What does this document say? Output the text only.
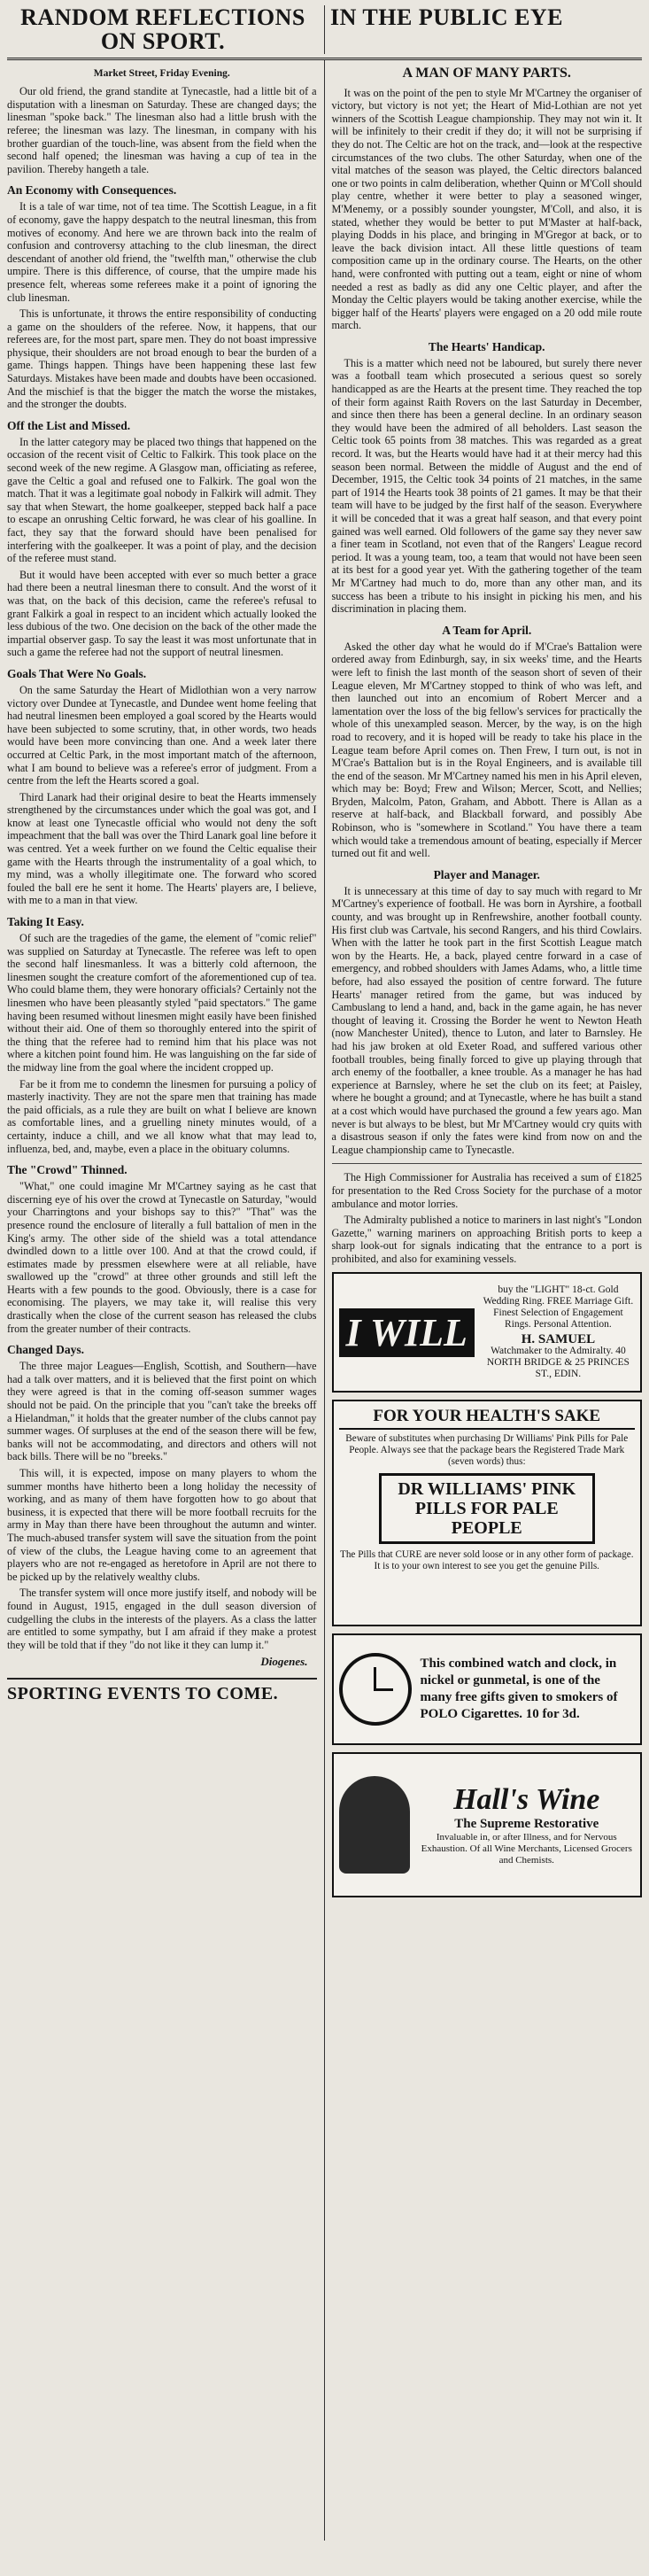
RANDOM REFLECTIONS ON SPORT.
IN THE PUBLIC EYE

Market Street, Friday Evening.

Our old friend, the grand standite at Tynecastle, had a little bit of a disputation with a linesman on Saturday. These are changed days; the linesman "spoke back." The linesman also had a little brush with the referee; the linesman was lazy. The linesman, in company with his brother guardian of the touch-line, was absent from the field when the second half opened; the linesman was having a cup of tea in the pavilion. Thereby hangeth a tale.

An Economy with Consequences.

It is a tale of war time, not of tea time. The Scottish League, in a fit of economy, gave the happy despatch to the neutral linesman, this from motives of economy. And here we are thrown back into the realm of confusion and controversy attaching to the club linesman, the direct descendant of another old friend, the "twelfth man," otherwise the club umpire. There is this difference, of course, that the umpire made his presence felt, whereas some referees make it a point of ignoring the club linesman.

This is unfortunate, it throws the entire responsibility of conducting a game on the shoulders of the referee. Now, it happens, that our referees are, for the most part, spare men. They do not boast impressive physique, their shoulders are not broad enough to bear the burden of a game. Things happen. Things have been happening these last few Saturdays. Mistakes have been made and doubts have been occasioned. And the mischief is that the bigger the match the worse the mistakes, and the stronger the doubts.

Off the List and Missed.

In the latter category may be placed two things that happened on the occasion of the recent visit of Celtic to Falkirk. This took place on the second week of the new regime. A Glasgow man, officiating as referee, gave the Celtic a goal and refused one to Falkirk. The goal won the match. That it was a legitimate goal nobody in Falkirk will admit. They say that when Stewart, the home goalkeeper, stepped back half a pace to escape an onrushing Celtic forward, he was clear of his goalline. In fact, they say that the forward should have been penalised for interfering with the goalkeeper. It was a point of play, and the decision of the referee must stand.

But it would have been accepted with ever so much better a grace had there been a neutral linesman there to consult. And the worst of it was that, on the back of this decision, came the referee's refusal to grant Falkirk a goal in respect to an incident which actually looked the less dubious of the two. One decision on the back of the other made the impartial observer gasp. To say the least it was most unfortunate that in such a game the referee had not the support of neutral linesmen.

Goals That Were No Goals.

On the same Saturday the Heart of Midlothian won a very narrow victory over Dundee at Tynecastle, and Dundee went home feeling that had neutral linesmen been employed a goal scored by the Hearts would have been subjected to some scrutiny, that, in other words, two heads would have been more convincing than one. And a week later there occurred at Celtic Park, in the most important match of the afternoon, what I am bound to believe was a referee's error of judgment. From a centre from the left the Hearts scored a goal.

Third Lanark had their original desire to beat the Hearts immensely strengthened by the circumstances under which the goal was got, and I know at least one Tynecastle official who would not deny the soft impeachment that the ball was over the Third Lanark goal line before it was centred. Yet a week further on we found the Celtic equalise their game with the Hearts through the instrumentality of a goal which, to my mind, was a wholly illegitimate one. The forward who scored fouled the ball ere he sent it home. The Hearts' players are, I believe, with me to a man in that view.

Taking It Easy.

Of such are the tragedies of the game, the element of "comic relief" was supplied on Saturday at Tynecastle. The referee was left to open the second half linesmanless. It was a bitterly cold afternoon, the linesmen sought the creature comfort of the aforementioned cup of tea. Who could blame them, they were honorary officials? Certainly not the linesmen who have been pleasantly styled "paid spectators." The game having been resumed without linesmen might easily have been finished without their aid. One of them so thoroughly entered into the spirit of the thing that the referee had to remind him that his place was not where a kitchen point found him. He was languishing on the far side of the midway line from the goal where the incident cropped up.

Far be it from me to condemn the linesmen for pursuing a policy of masterly inactivity. They are not the spare men that training has made the paid officials, as a rule they are built on what I believe are known as comfortable lines, and a gruelling ninety minutes would, of a certainty, induce a chill, and we all know what that may lead to, influenza, bed, and, maybe, even a place in the obituary columns.

The "Crowd" Thinned.

"What," one could imagine Mr M'Cartney saying as he cast that discerning eye of his over the crowd at Tynecastle on Saturday, "would your Charringtons and your bishops say to this?" "That" was the presence round the enclosure of literally a full battalion of men in the King's army. The other side of the shield was a total attendance dwindled down to a little over 100. And at that the crowd could, if estimates made by pressmen elsewhere were at all reliable, have swallowed up the "crowd" at three other grounds and still left the Hearts with a few pounds to the good. Obviously, there is a case for economising. The players, we may take it, will realise this very drastically when the close of the current season has released the clubs from the greater number of their contracts.

Changed Days.

The three major Leagues—English, Scottish, and Southern—have had a talk over matters, and it is believed that the first point on which they were agreed is that in the coming off-season summer wages should not be paid. On the principle that you "can't take the breeks off a Hielandman," it holds that the greater number of the clubs cannot pay summer wages. Of surpluses at the end of the season there will be few, banks will not be accommodating, and directors and others will not back bills. There will be no "breeks."

This will, it is expected, impose on many players to whom the summer months have hitherto been a long holiday the necessity of working, and as many of them have forgotten how to go about that business, it is expected that there will be more football recruits for the army in May than there have been throughout the autumn and winter. The much-abused transfer system will save the situation from the point of view of the clubs, the League having come to an agreement that players who are not re-engaged as heretofore in April are not there to be picked up by the relatively wealthy clubs.

The transfer system will once more justify itself, and nobody will be found in August, 1915, engaged in the dull season diversion of cudgelling the clubs in the interests of the players. As a class the latter are entitled to some sympathy, but I am afraid if they make a protest they will be told that if they "do not like it they can lump it."

Diogenes.
SPORTING EVENTS TO COME.
A MAN OF MANY PARTS.

It was on the point of the pen to style Mr M'Cartney the organiser of victory, but victory is not yet; the Heart of Mid-Lothian are not yet winners of the Scottish League championship. They may not win it. It will be infinitely to their credit if they do; it will not be surprising if they do not. The Celtic are hot on the track, and—look at the respective circumstances of the two clubs. The other Saturday, when one of the vital matches of the season was played, the Celtic directors balanced one or two points in calm deliberation, whether Quinn or M'Coll should play centre, whether it were better to play a seasoned winger, M'Menemy, or a possibly sounder youngster, M'Coll, and also, it is stated, whether they would be better to put M'Master at half-back, playing Dodds in his place, and bringing in M'Gregor at back, or to leave the back division intact. All these little questions of team composition came up in the ordinary course. The Hearts, on the other hand, were confronted with putting out a team, eight or nine of whom needed a rest as badly as did any one Celtic player, and after the Monday the Celtic players would be taking another exercise, while the bigger half of the Hearts' players were engaged on a 20 odd mile route march.

The Hearts' Handicap.

This is a matter which need not be laboured, but surely there never was a football team which prosecuted a serious quest so sorely handicapped as are the Hearts at the present time. They reached the top of their form against Raith Rovers on the last Saturday in December, and since then there has been a general decline. In an ordinary season they would have been the admired of all beholders. Last season the Celtic took 65 points from 38 matches. This was regarded as a great record. It was, but the Hearts would have had it at their mercy had this season been normal. Between the middle of August and the end of December, 1915, the Celtic took 34 points of 21 matches, in the same part of 1914 the Hearts took 38 points of 21 games. It may be that their team will have to be judged by the first half of the season. Everywhere it will be conceded that it was a great half season, and that every point gained was well earned. Old followers of the game say they never saw a finer team in Scotland, not even that of the Rangers' League record period. It was a young team, too, a team that would not have been seen at its best for a good year yet. With the gathering together of the team Mr M'Cartney had much to do, more than any other man, and its success has been a tribute to his insight in picking his men, and his discrimination in placing them.

A Team for April.

Asked the other day what he would do if M'Crae's Battalion were ordered away from Edinburgh, say, in six weeks' time, and the Hearts were left to finish the last month of the season short of seven of their League eleven, Mr M'Cartney stopped to think of who was left, and then launched out into an encomium of Robert Mercer and a lamentation over the loss of the big fellow's services for practically the whole of this unexampled season. Mercer, by the way, is on the high road to recovery, and it is hoped will be ready to take his place in the League team before April comes on. Then Frew, I turn out, is not in M'Crae's Battalion but is in the Royal Engineers, and is available till the end of the season. Mr M'Cartney named his men in his April eleven, which may be: Boyd; Frew and Wilson; Mercer, Scott, and Nellies; Bryden, Malcolm, Paton, Graham, and Abbott. There is Allan as a reserve at half-back, and Blackball forward, and possibly Abe Robinson, who is "somewhere in Scotland." You have there a team which would take a tremendous amount of beating, especially if Mercer turned out fit and well.

Player and Manager.

It is unnecessary at this time of day to say much with regard to Mr M'Cartney's experience of football. He was born in Ayrshire, a football county, and was brought up in Renfrewshire, another football county. His first club was Cartvale, his second Rangers, and his third Cowlairs. When with the latter he took part in the first Scottish League match won by the Hearts. He, a back, played centre forward in a case of emergency, and robbed shoulders with James Adams, who, a little time before, had also essayed the position of centre forward. The future Hearts' manager retired from the game, but was induced by Cambuslang to lend a hand, and, back in the game again, he has never thought of leaving it. Crossing the Border he went to Newton Heath (now Manchester United), thence to Luton, and later to Barnsley. He had his jaw broken at old Exeter Road, and suffered various other football troubles, being finally forced to give up playing through that arch enemy of the footballer, a knee trouble. As a manager he has had experience at Barnsley, where he set the club on its feet; at Paisley, where he bought a ground; and at Tynecastle, where he has built a stand at a cost which would have purchased the ground a few years ago. Man never is but always to be blest, but Mr M'Cartney would cry quits with a disastrous season if only the fates were kind from now on and the League championship came to Tynecastle.

The High Commissioner for Australia has received a sum of £1825 for presentation to the Red Cross Society for the purchase of a motor ambulance and motor lorries.

The Admiralty published a notice to mariners in last night's "London Gazette," warning mariners on approaching British ports to keep a sharp look-out for signals indicating that the entrance to a port is prohibited, and also for examining vessels.

I WILL
buy the "LIGHT" 18-ct. Gold Wedding Ring. FREE Marriage Gift. Finest Selection of Engagement Rings. Personal Attention.
H. SAMUEL
Watchmaker to the Admiralty. 40 NORTH BRIDGE & 25 PRINCES ST., EDIN.
FOR YOUR HEALTH'S SAKE
Beware of substitutes when purchasing Dr Williams' Pink Pills for Pale People. Always see that the package bears the Registered Trade Mark (seven words) thus:
DR WILLIAMS' PINK PILLS FOR PALE PEOPLE
The Pills that CURE are never sold loose or in any other form of package. It is to your own interest to see you get the genuine Pills.
This combined watch and clock, in nickel or gunmetal, is one of the many free gifts given to smokers of POLO Cigarettes. 10 for 3d.
Hall's Wine
The Supreme Restorative
Invaluable in, or after Illness, and for Nervous Exhaustion. Of all Wine Merchants, Licensed Grocers and Chemists.
